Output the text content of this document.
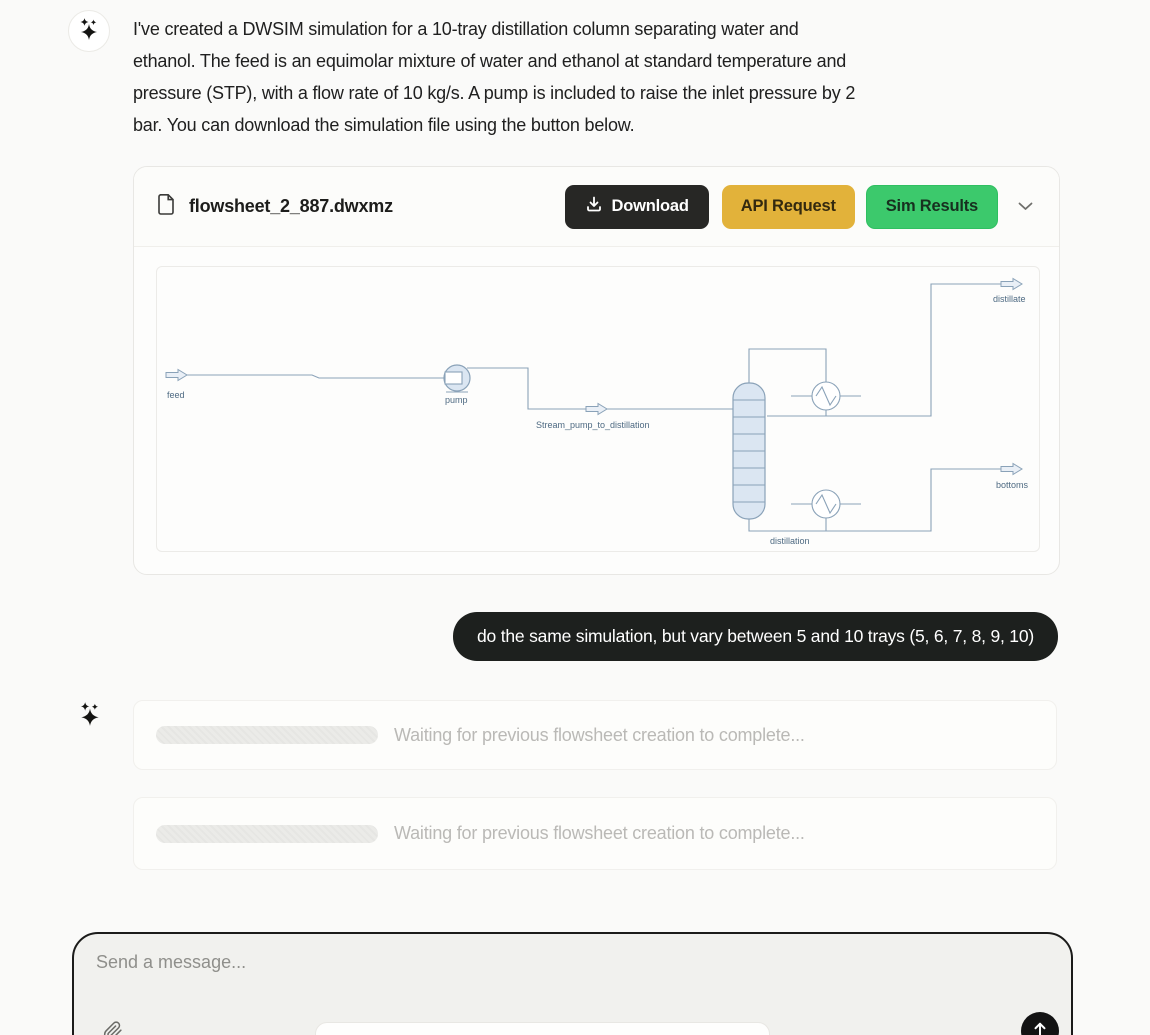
I've created a DWSIM simulation for a 10-tray distillation column separating water and
ethanol. The feed is an equimolar mixture of water and ethanol at standard temperature and
pressure (STP), with a flow rate of 10 kg/s. A pump is included to raise the inlet pressure by 2
bar. You can download the simulation file using the button below.
flowsheet_2_887.dwxmz	Download	API Request	Sim Results
feed	pump
Stream_pump_to_distillation
distillation
distillate
bottoms
do the same simulation, but vary between 5 and 10 trays (5, 6, 7, 8, 9, 10)
Waiting for previous flowsheet creation to complete...
Waiting for previous flowsheet creation to complete...
Send a message...
